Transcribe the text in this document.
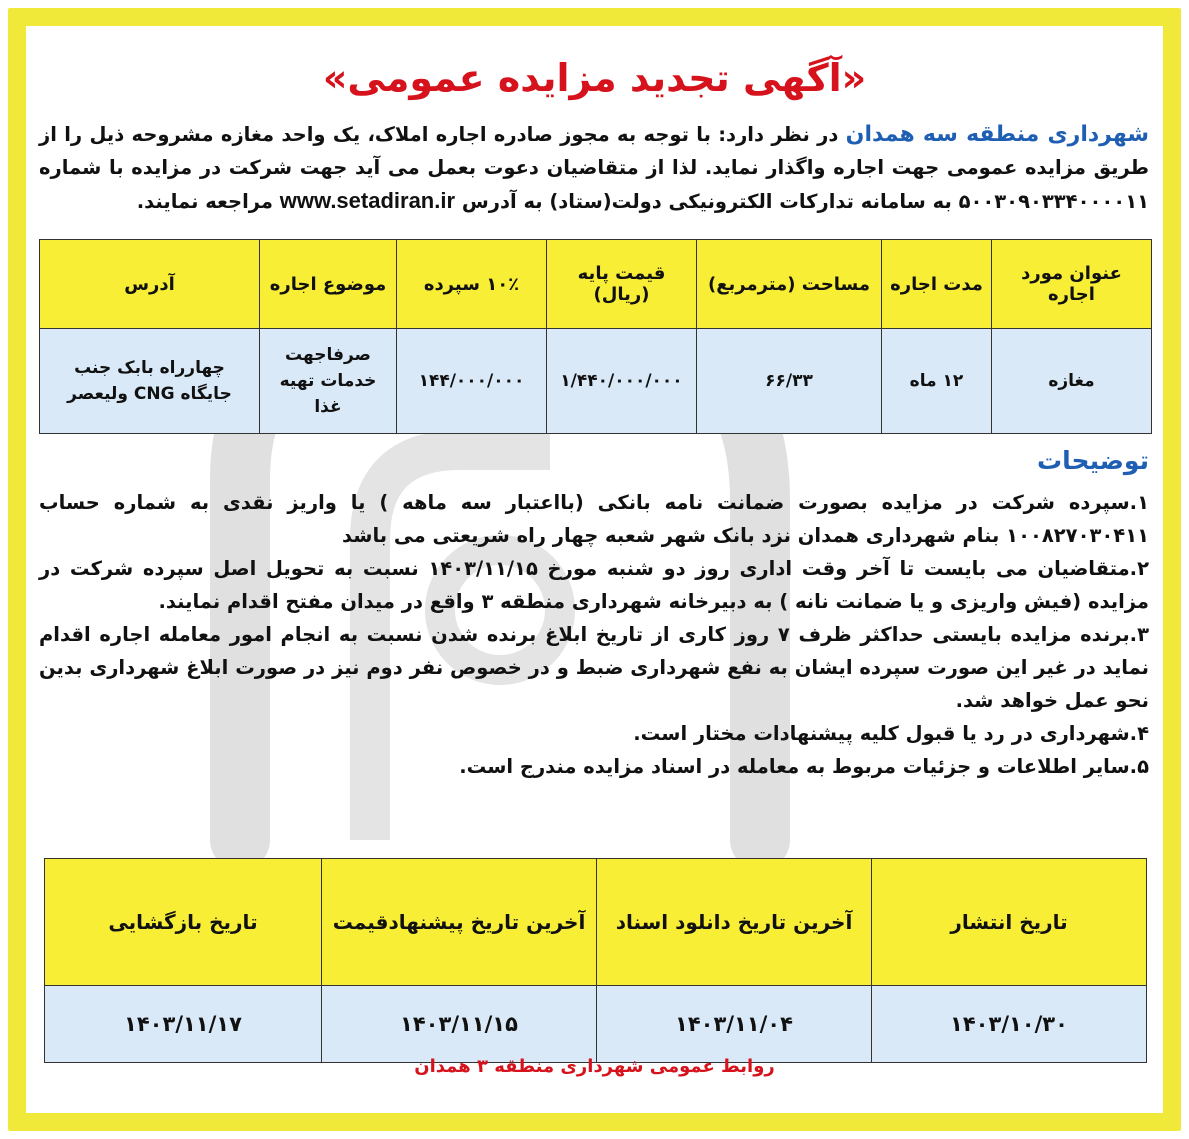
«آگهی تجدید مزایده عمومی»
شهرداری منطقه سه همدان در نظر دارد: با توجه به مجوز صادره اجاره املاک، یک واحد مغازه مشروحه ذیل را از طریق مزایده عمومی جهت اجاره واگذار نماید. لذا از متقاضیان دعوت بعمل می آید جهت شرکت در مزایده با شماره ۵۰۰۳۰۹۰۳۳۴۰۰۰۰۱۱ به سامانه تدارکات الکترونیکی دولت(ستاد) به آدرس www.setadiran.ir مراجعه نمایند.
عنوان مورد اجاره	مدت اجاره	مساحت (مترمربع)	قیمت پایه (ریال)	۱۰٪ سپرده	موضوع اجاره	آدرس
مغازه	۱۲ ماه	۶۶/۳۳	۱/۴۴۰/۰۰۰/۰۰۰	۱۴۴/۰۰۰/۰۰۰	صرفاجهت خدمات تهیه غذا	چهارراه بابک جنب جایگاه CNG ولیعصر
توضیحات

۱.سپرده شرکت در مزایده بصورت ضمانت نامه بانکی (بااعتبار سه ماهه ) یا واریز نقدی به شماره حساب ۱۰۰۸۲۷۰۳۰۴۱۱ بنام شهرداری همدان نزد بانک شهر شعبه چهار راه شریعتی می باشد

۲.متقاضیان می بایست تا آخر وقت اداری روز دو شنبه مورخ ۱۴۰۳/۱۱/۱۵ نسبت به تحویل اصل سپرده شرکت در مزایده (فیش واریزی و یا ضمانت نانه ) به دبیرخانه شهرداری منطقه ۳ واقع در میدان مفتح اقدام نمایند.

۳.برنده مزایده بایستی حداکثر ظرف ۷ روز کاری از تاریخ ابلاغ برنده شدن نسبت به انجام امور معامله اجاره اقدام نماید در غیر این صورت سپرده ایشان به نفع شهرداری ضبط و در خصوص نفر دوم نیز در صورت ابلاغ شهرداری بدین نحو عمل خواهد شد.

۴.شهرداری در رد یا قبول کلیه پیشنهادات مختار است.

۵.سایر اطلاعات و جزئیات مربوط به معامله در اسناد مزایده مندرج است.

تاریخ انتشار	آخرین تاریخ دانلود اسناد	آخرین تاریخ پیشنهادقیمت	تاریخ بازگشایی
۱۴۰۳/۱۰/۳۰	۱۴۰۳/۱۱/۰۴	۱۴۰۳/۱۱/۱۵	۱۴۰۳/۱۱/۱۷
روابط عمومی شهرداری منطقه ۳ همدان
